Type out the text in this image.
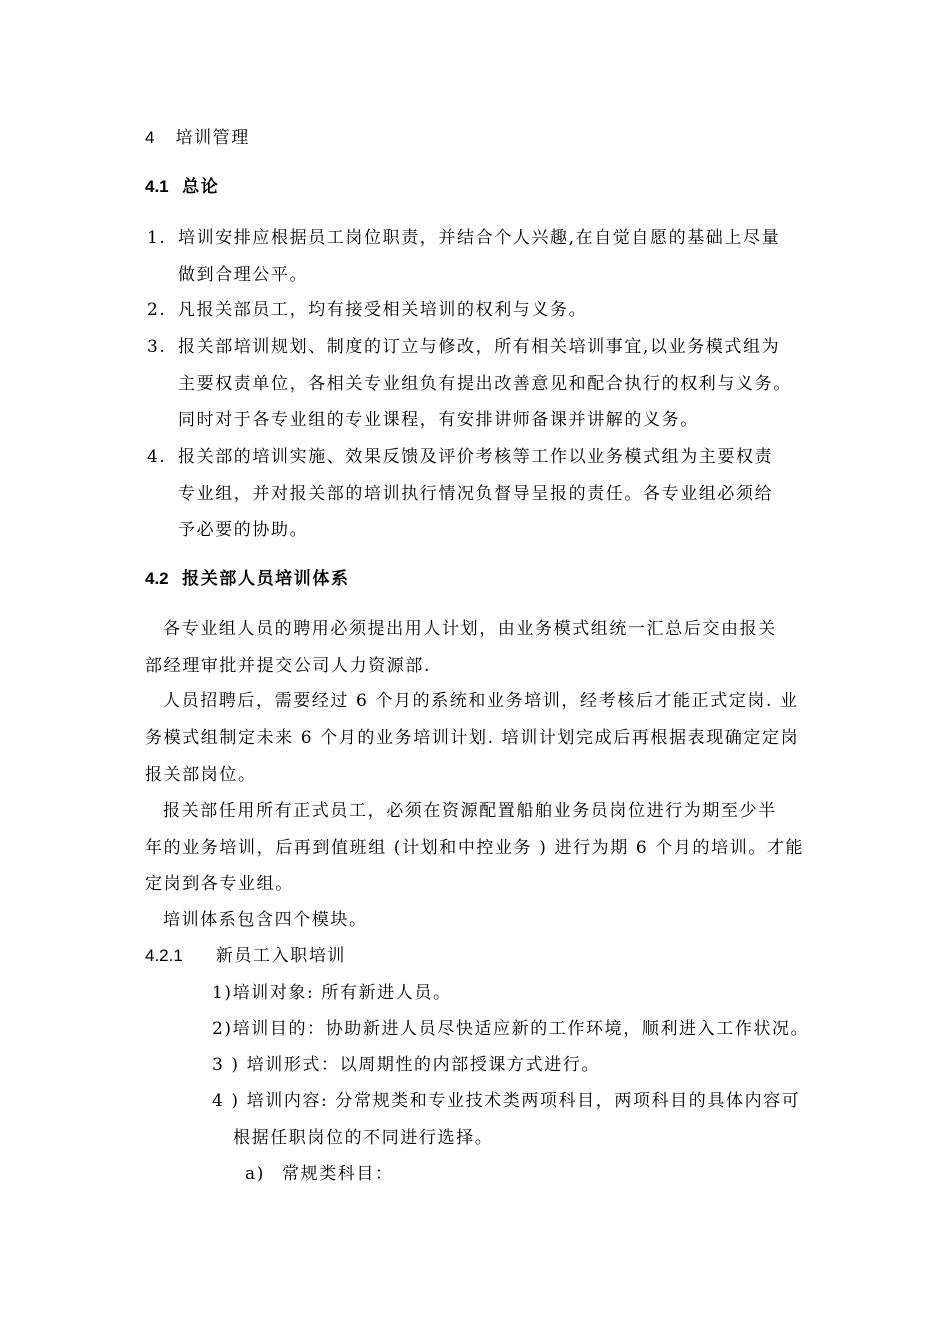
4 培训管理
4.1 总论
1. 培训安排应根据员工岗位职责，并结合个人兴趣,在自觉自愿的基础上尽量
做到合理公平。
2. 凡报关部员工，均有接受相关培训的权利与义务。
3. 报关部培训规划、制度的订立与修改，所有相关培训事宜,以业务模式组为
主要权责单位，各相关专业组负有提出改善意见和配合执行的权利与义务。
同时对于各专业组的专业课程，有安排讲师备课并讲解的义务。
4. 报关部的培训实施、效果反馈及评价考核等工作以业务模式组为主要权责
专业组，并对报关部的培训执行情况负督导呈报的责任。各专业组必须给
予必要的协助。
4.2 报关部人员培训体系
各专业组人员的聘用必须提出用人计划，由业务模式组统一汇总后交由报关
部经理审批并提交公司人力资源部.
人员招聘后，需要经过 6 个月的系统和业务培训，经考核后才能正式定岗. 业
务模式组制定未来 6 个月的业务培训计划. 培训计划完成后再根据表现确定定岗
报关部岗位。
报关部任用所有正式员工，必须在资源配置船舶业务员岗位进行为期至少半
年的业务培训，后再到值班组 (计划和中控业务 ) 进行为期 6 个月的培训。才能
定岗到各专业组。
培训体系包含四个模块。
4.2.1 新员工入职培训
1)培训对象: 所有新进人员。
2)培训目的：协助新进人员尽快适应新的工作环境，顺利进入工作状况。
3 ) 培训形式：以周期性的内部授课方式进行。
4 ) 培训内容: 分常规类和专业技术类两项科目，两项科目的具体内容可
根据任职岗位的不同进行选择。
a) 常规类科目：
